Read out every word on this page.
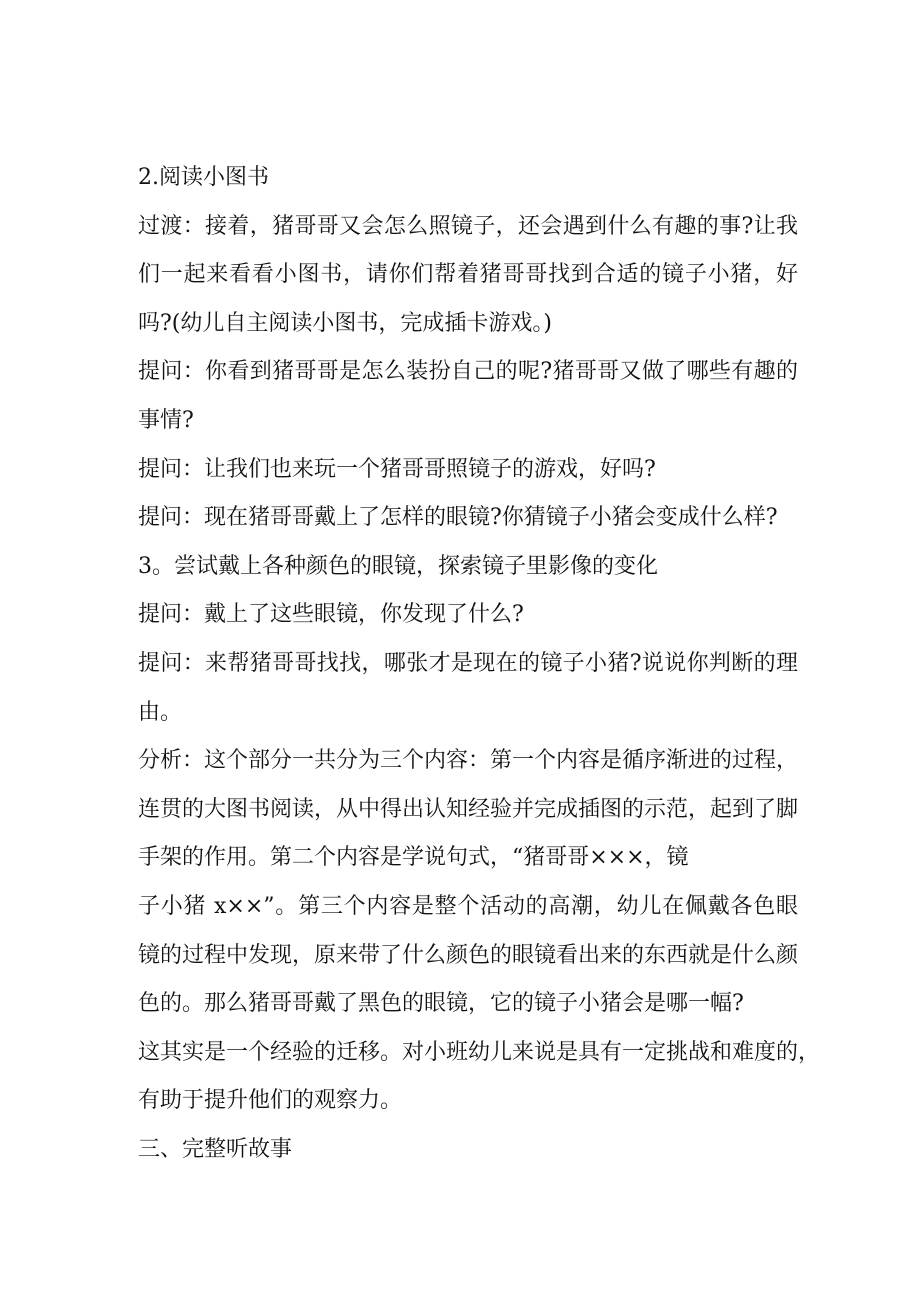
2.阅读小图书
过渡：接着，猪哥哥又会怎么照镜子，还会遇到什么有趣的事?让我
们一起来看看小图书，请你们帮着猪哥哥找到合适的镜子小猪，好
吗?(幼儿自主阅读小图书，完成插卡游戏。)
提问：你看到猪哥哥是怎么装扮自己的呢?猪哥哥又做了哪些有趣的
事情?
提问：让我们也来玩一个猪哥哥照镜子的游戏，好吗?
提问：现在猪哥哥戴上了怎样的眼镜?你猜镜子小猪会变成什么样?
3。尝试戴上各种颜色的眼镜，探索镜子里影像的变化
提问：戴上了这些眼镜，你发现了什么?
提问：来帮猪哥哥找找，哪张才是现在的镜子小猪?说说你判断的理
由。
分析：这个部分一共分为三个内容：第一个内容是循序渐进的过程，
连贯的大图书阅读，从中得出认知经验并完成插图的示范，起到了脚
手架的作用。第二个内容是学说句式，“猪哥哥×××，镜
子小猪 x××”。第三个内容是整个活动的高潮，幼儿在佩戴各色眼
镜的过程中发现，原来带了什么颜色的眼镜看出来的东西就是什么颜
色的。那么猪哥哥戴了黑色的眼镜，它的镜子小猪会是哪一幅?
这其实是一个经验的迁移。对小班幼儿来说是具有一定挑战和难度的，
有助于提升他们的观察力。
三、完整听故事
